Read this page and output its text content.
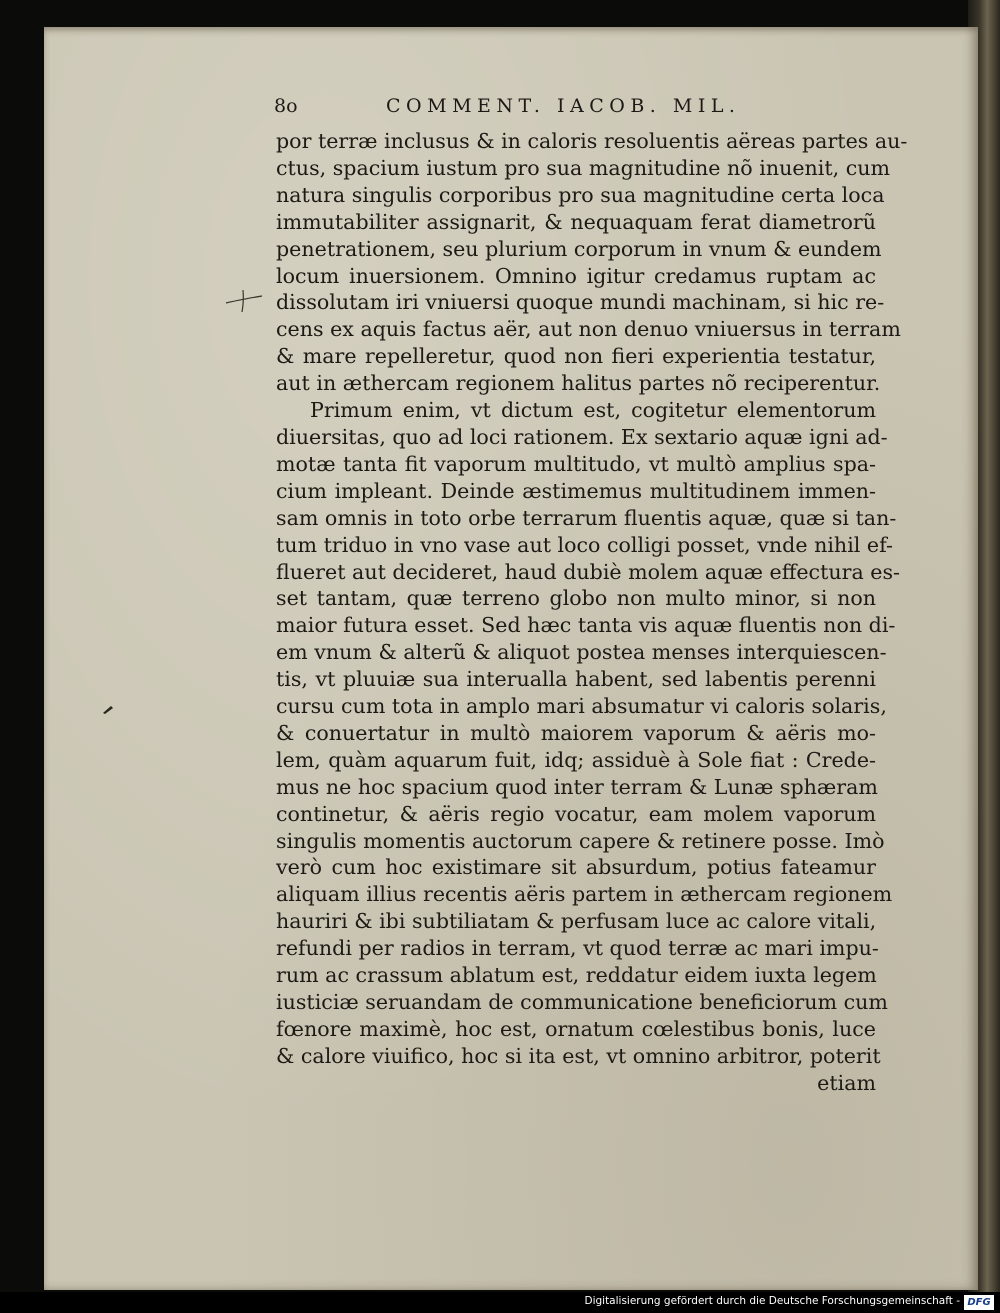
8o	COMMENT. IACOB. MIL.
por terræ inclusus & in caloris resoluentis aëreas partes au-
ctus, spacium iustum pro sua magnitudine nõ inuenit, cum
natura singulis corporibus pro sua magnitudine certa loca
immutabiliter assignarit, & nequaquam ferat diametrorũ
penetrationem, seu plurium corporum in vnum & eundem
locum inuersionem. Omnino igitur credamus ruptam ac
dissolutam iri vniuersi quoque mundi machinam, si hic re-
cens ex aquis factus aër, aut non denuo vniuersus in terram
& mare repelleretur, quod non fieri experientia testatur,
aut in æthercam regionem halitus partes nõ reciperentur.
Primum enim, vt dictum est, cogitetur elementorum
diuersitas, quo ad loci rationem. Ex sextario aquæ igni ad-
motæ tanta fit vaporum multitudo, vt multò amplius spa-
cium impleant. Deinde æstimemus multitudinem immen-
sam omnis in toto orbe terrarum fluentis aquæ, quæ si tan-
tum triduo in vno vase aut loco colligi posset, vnde nihil ef-
flueret aut decideret, haud dubiè molem aquæ effectura es-
set tantam, quæ terreno globo non multo minor, si non
maior futura esset. Sed hæc tanta vis aquæ fluentis non di-
em vnum & alterũ & aliquot postea menses interquiescen-
tis, vt pluuiæ sua interualla habent, sed labentis perenni
cursu cum tota in amplo mari absumatur vi caloris solaris,
& conuertatur in multò maiorem vaporum & aëris mo-
lem, quàm aquarum fuit, idq; assiduè à Sole fiat : Crede-
mus ne hoc spacium quod inter terram & Lunæ sphæram
continetur, & aëris regio vocatur, eam molem vaporum
singulis momentis auctorum capere & retinere posse. Imò
verò cum hoc existimare sit absurdum, potius fateamur
aliquam illius recentis aëris partem in æthercam regionem
hauriri & ibi subtiliatam & perfusam luce ac calore vitali,
refundi per radios in terram, vt quod terræ ac mari impu-
rum ac crassum ablatum est, reddatur eidem iuxta legem
iusticiæ seruandam de communicatione beneficiorum cum
fœnore maximè, hoc est, ornatum cœlestibus bonis, luce
& calore viuifico, hoc si ita est, vt omnino arbitror, poterit
etiam
Digitalisierung gefördert durch die Deutsche Forschungsgemeinschaft - DFG
